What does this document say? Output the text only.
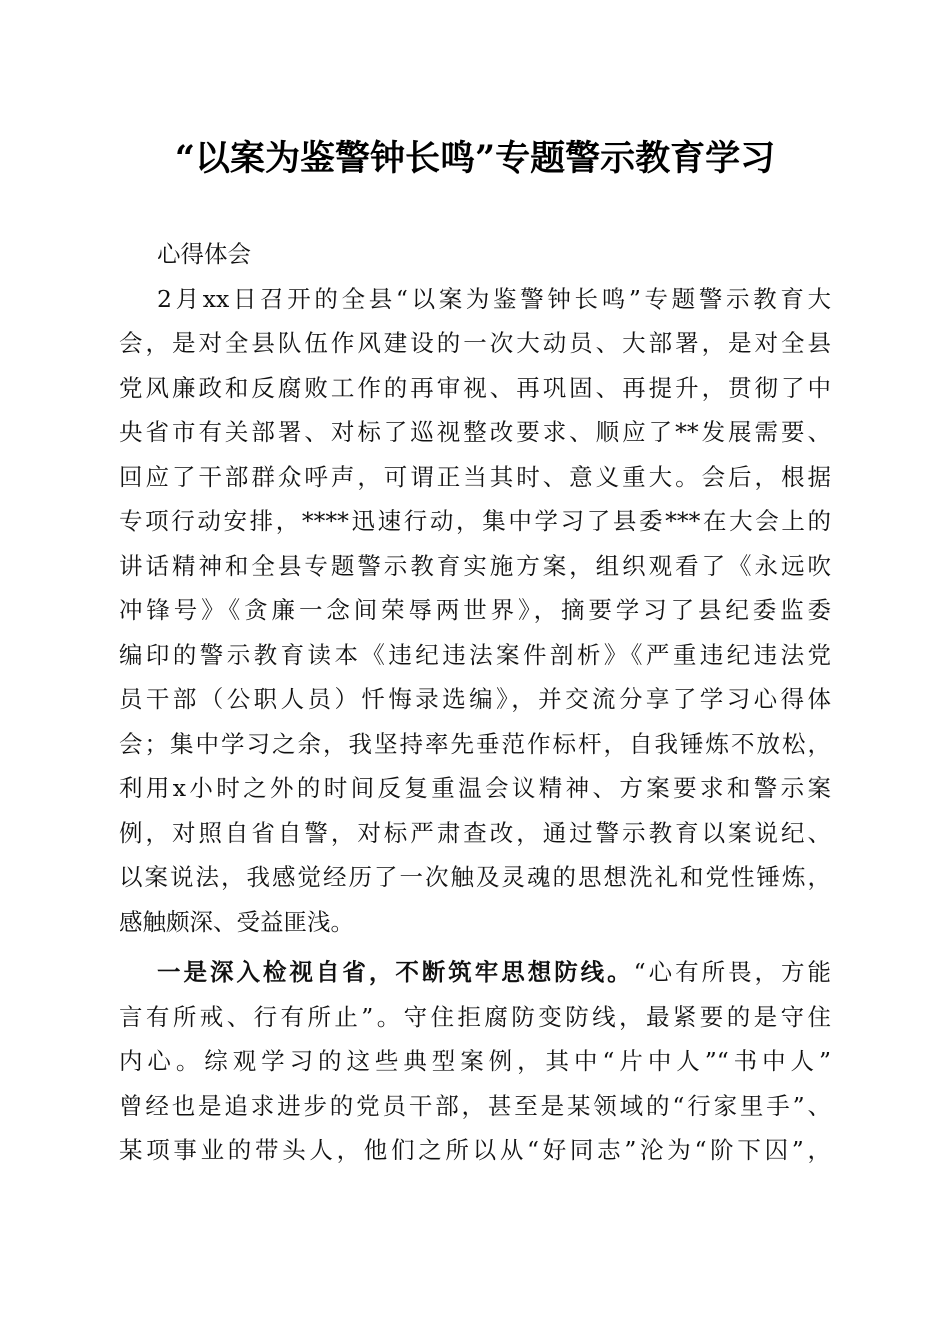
“以案为鉴警钟长鸣”专题警示教育学习
心得体会
2月xx日召开的全县“以案为鉴警钟长鸣”专题警示教育大
会，是对全县队伍作风建设的一次大动员、大部署，是对全县
党风廉政和反腐败工作的再审视、再巩固、再提升，贯彻了中
央省市有关部署、对标了巡视整改要求、顺应了**发展需要、
回应了干部群众呼声，可谓正当其时、意义重大。会后，根据
专项行动安排，****迅速行动，集中学习了县委***在大会上的
讲话精神和全县专题警示教育实施方案，组织观看了《永远吹
冲锋号》《贪廉一念间荣辱两世界》，摘要学习了县纪委监委
编印的警示教育读本《违纪违法案件剖析》《严重违纪违法党
员干部（公职人员）忏悔录选编》，并交流分享了学习心得体
会；集中学习之余，我坚持率先垂范作标杆，自我锤炼不放松，
利用x小时之外的时间反复重温会议精神、方案要求和警示案
例，对照自省自警，对标严肃查改，通过警示教育以案说纪、
以案说法，我感觉经历了一次触及灵魂的思想洗礼和党性锤炼，
感触颇深、受益匪浅。
一是深入检视自省，不断筑牢思想防线。“心有所畏，方能
言有所戒、行有所止”。守住拒腐防变防线，最紧要的是守住
内心。综观学习的这些典型案例，其中“片中人”“书中人”
曾经也是追求进步的党员干部，甚至是某领域的“行家里手”、
某项事业的带头人，他们之所以从“好同志”沦为“阶下囚”，
